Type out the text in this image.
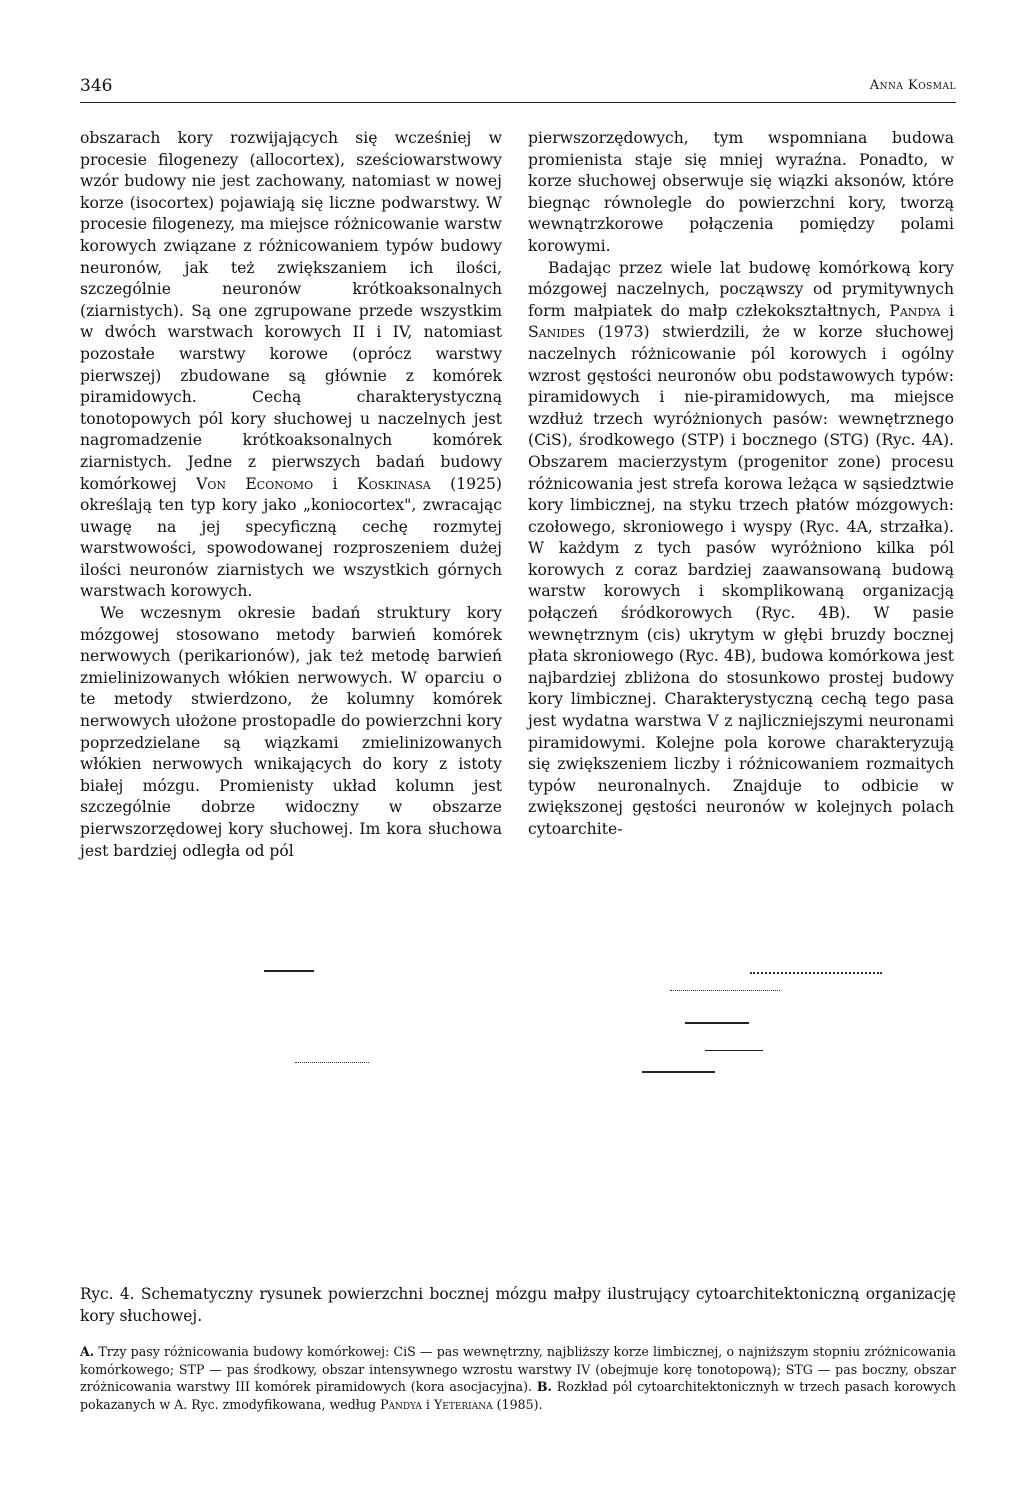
346	Anna Kosmal

obszarach kory rozwijających się wcześniej w procesie filogenezy (allocortex), sześciowarstwowy wzór budowy nie jest zachowany, natomiast w nowej korze (isocortex) pojawiają się liczne podwarstwy. W procesie filogenezy, ma miejsce różnicowanie warstw korowych związane z różnicowaniem typów budowy neuronów, jak też zwiększaniem ich ilości, szczególnie neuronów krótkoaksonalnych (ziarnistych). Są one zgrupowane przede wszystkim w dwóch warstwach korowych II i IV, natomiast pozostałe warstwy korowe (oprócz warstwy pierwszej) zbudowane są głównie z komórek piramidowych. Cechą charakterystyczną tonotopowych pól kory słuchowej u naczelnych jest nagromadzenie krótkoaksonalnych komórek ziarnistych. Jedne z pierwszych badań budowy komórkowej Von Economo i Koskinasa (1925) określają ten typ kory jako „koniocortex", zwracając uwagę na jej specyficzną cechę rozmytej warstwowości, spowodowanej rozproszeniem dużej ilości neuronów ziarnistych we wszystkich górnych warstwach korowych.

We wczesnym okresie badań struktury kory mózgowej stosowano metody barwień komórek nerwowych (perikarionów), jak też metodę barwień zmielinizowanych włókien nerwowych. W oparciu o te metody stwierdzono, że kolumny komórek nerwowych ułożone prostopadle do powierzchni kory poprzedzielane są wiązkami zmielinizowanych włókien nerwowych wnikających do kory z istoty białej mózgu. Promienisty układ kolumn jest szczególnie dobrze widoczny w obszarze pierwszorzędowej kory słuchowej. Im kora słuchowa jest bardziej odległa od pól

pierwszorzędowych, tym wspomniana budowa promienista staje się mniej wyraźna. Ponadto, w korze słuchowej obserwuje się wiązki aksonów, które biegnąc równolegle do powierzchni kory, tworzą wewnątrzkorowe połączenia pomiędzy polami korowymi.

Badając przez wiele lat budowę komórkową kory mózgowej naczelnych, począwszy od prymitywnych form małpiatek do małp człekokształtnych, Pandya i Sanides (1973) stwierdzili, że w korze słuchowej naczelnych różnicowanie pól korowych i ogólny wzrost gęstości neuronów obu podstawowych typów: piramidowych i nie-piramidowych, ma miejsce wzdłuż trzech wyróżnionych pasów: wewnętrznego (CiS), środkowego (STP) i bocznego (STG) (Ryc. 4A). Obszarem macierzystym (progenitor zone) procesu różnicowania jest strefa korowa leżąca w sąsiedztwie kory limbicznej, na styku trzech płatów mózgowych: czołowego, skroniowego i wyspy (Ryc. 4A, strzałka). W każdym z tych pasów wyróżniono kilka pól korowych z coraz bardziej zaawansowaną budową warstw korowych i skomplikowaną organizacją połączeń śródkorowych (Ryc. 4B). W pasie wewnętrznym (cis) ukrytym w głębi bruzdy bocznej płata skroniowego (Ryc. 4B), budowa komórkowa jest najbardziej zbliżona do stosunkowo prostej budowy kory limbicznej. Charakterystyczną cechą tego pasa jest wydatna warstwa V z najliczniejszymi neuronami piramidowymi. Kolejne pola korowe charakteryzują się zwiększeniem liczby i różnicowaniem rozmaitych typów neuronalnych. Znajduje to odbicie w zwiększonej gęstości neuronów w kolejnych polach cytoarchite-

Ryc. 4. Schematyczny rysunek powierzchni bocznej mózgu małpy ilustrujący cytoarchitektoniczną organizację kory słuchowej.
A. Trzy pasy różnicowania budowy komórkowej: CiS — pas wewnętrzny, najbliższy korze limbicznej, o najniższym stopniu zróżnicowania komórkowego; STP — pas środkowy, obszar intensywnego wzrostu warstwy IV (obejmuje korę tonotopową); STG — pas boczny, obszar zróżnicowania warstwy III komórek piramidowych (kora asocjacyjna). B. Rozkład pól cytoarchitektonicznyh w trzech pasach korowych pokazanych w A. Ryc. zmodyfikowana, według Pandya i Yeteriana (1985).
